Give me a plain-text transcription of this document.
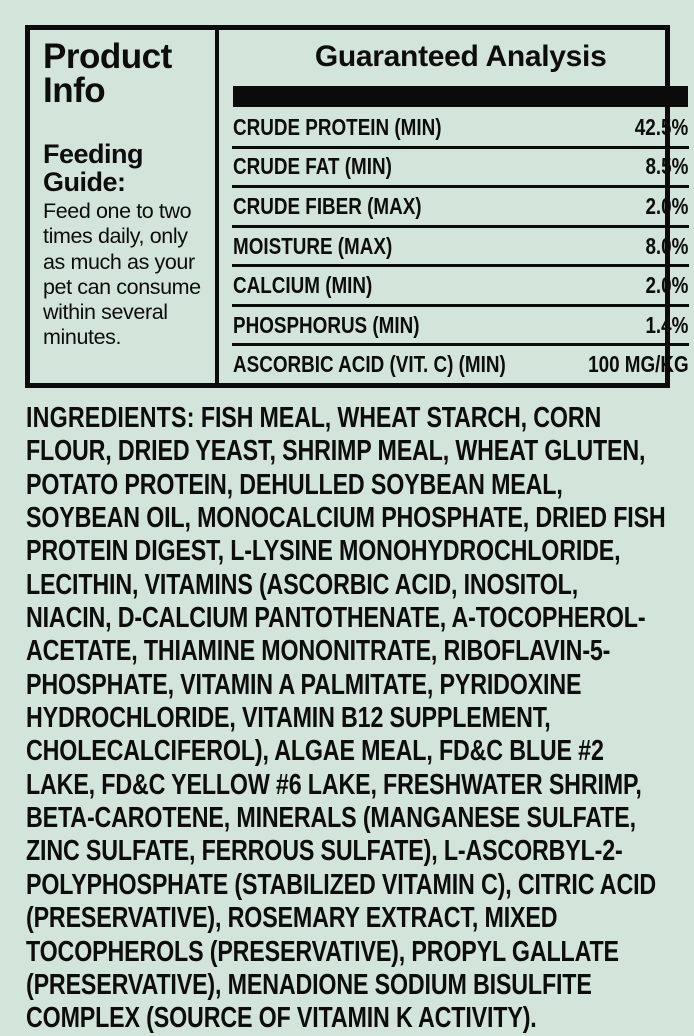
Product Info
Feeding Guide:
Feed one to two times daily, only as much as your pet can consume within several minutes.
Guaranteed Analysis
CRUDE PROTEIN (MIN)	42.5%
CRUDE FAT (MIN)	8.5%
CRUDE FIBER (MAX)	2.0%
MOISTURE (MAX)	8.0%
CALCIUM (MIN)	2.0%
PHOSPHORUS (MIN)	1.4%
ASCORBIC ACID (VIT. C) (MIN)	100 MG/KG
INGREDIENTS: FISH MEAL, WHEAT STARCH, CORN FLOUR, DRIED YEAST, SHRIMP MEAL, WHEAT GLUTEN, POTATO PROTEIN, DEHULLED SOYBEAN MEAL, SOYBEAN OIL, MONOCALCIUM PHOSPHATE, DRIED FISH PROTEIN DIGEST, L-LYSINE MONOHYDROCHLORIDE, LECITHIN, VITAMINS (ASCORBIC ACID, INOSITOL, NIACIN, D-CALCIUM PANTOTHENATE, A-TOCOPHEROL-ACETATE, THIAMINE MONONITRATE, RIBOFLAVIN-5-PHOSPHATE, VITAMIN A PALMITATE, PYRIDOXINE HYDROCHLORIDE, VITAMIN B12 SUPPLEMENT, CHOLECALCIFEROL), ALGAE MEAL, FD&C BLUE #2 LAKE, FD&C YELLOW #6 LAKE, FRESHWATER SHRIMP, BETA-CAROTENE, MINERALS (MANGANESE SULFATE, ZINC SULFATE, FERROUS SULFATE), L-ASCORBYL-2-POLYPHOSPHATE (STABILIZED VITAMIN C), CITRIC ACID (PRESERVATIVE), ROSEMARY EXTRACT, MIXED TOCOPHEROLS (PRESERVATIVE), PROPYL GALLATE (PRESERVATIVE), MENADIONE SODIUM BISULFITE COMPLEX (SOURCE OF VITAMIN K ACTIVITY).
